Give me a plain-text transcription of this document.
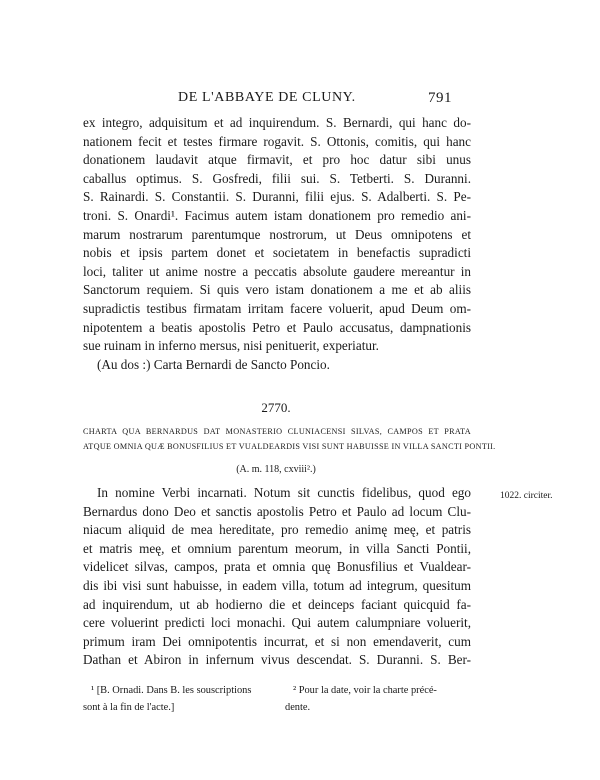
DE L'ABBAYE DE CLUNY.	791
ex integro, adquisitum et ad inquirendum. S. Bernardi, qui hanc do-
nationem fecit et testes firmare rogavit. S. Ottonis, comitis, qui hanc
donationem laudavit atque firmavit, et pro hoc datur sibi unus
caballus optimus. S. Gosfredi, filii sui. S. Tetberti. S. Duranni.
S. Rainardi. S. Constantii. S. Duranni, filii ejus. S. Adalberti. S. Pe-
troni. S. Onardi¹. Facimus autem istam donationem pro remedio ani-
marum nostrarum parentumque nostrorum, ut Deus omnipotens et
nobis et ipsis partem donet et societatem in benefactis supradicti
loci, taliter ut anime nostre a peccatis absolute gaudere mereantur in
Sanctorum requiem. Si quis vero istam donationem a me et ab aliis
supradictis testibus firmatam irritam facere voluerit, apud Deum om-
nipotentem a beatis apostolis Petro et Paulo accusatus, dampnationis
sue ruinam in inferno mersus, nisi penituerit, experiatur.
(Au dos :) Carta Bernardi de Sancto Poncio.
2770.
CHARTA QUA BERNARDUS DAT MONASTERIO CLUNIACENSI SILVAS, CAMPOS ET PRATA
ATQUE OMNIA QUÆ BONUSFILIUS ET VUALDEARDIS VISI SUNT HABUISSE IN VILLA SANCTI PONTII.
(A. m. 118, cxviii².)
1022. circiter.
In nomine Verbi incarnati. Notum sit cunctis fidelibus, quod ego
Bernardus dono Deo et sanctis apostolis Petro et Paulo ad locum Clu-
niacum aliquid de mea hereditate, pro remedio animę meę, et patris
et matris meę, et omnium parentum meorum, in villa Sancti Pontii,
videlicet silvas, campos, prata et omnia quę Bonusfilius et Vualdear-
dis ibi visi sunt habuisse, in eadem villa, totum ad integrum, quesitum
ad inquirendum, ut ab hodierno die et deinceps faciant quicquid fa-
cere voluerint predicti loci monachi. Qui autem calumpniare voluerit,
primum iram Dei omnipotentis incurrat, et si non emendaverit, cum
Dathan et Abiron in infernum vivus descendat. S. Duranni. S. Ber-
¹ [B. Ornadi. Dans B. les souscriptions
sont à la fin de l'acte.]
² Pour la date, voir la charte précé-
dente.
